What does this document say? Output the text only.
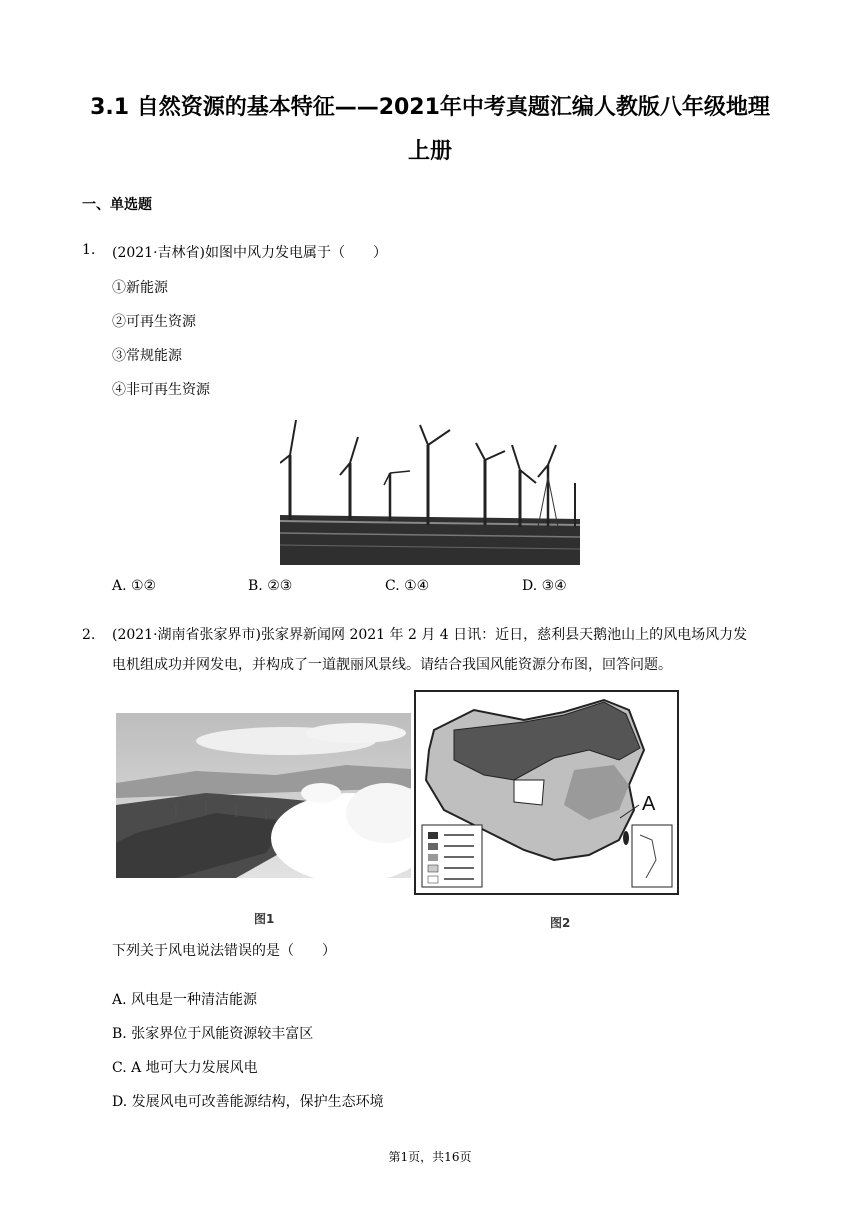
3.1 自然资源的基本特征——2021年中考真题汇编人教版八年级地理
上册
一、单选题
1. (2021·吉林省)如图中风力发电属于（　　）
①新能源
②可再生资源
③常规能源
④非可再生资源
A. ①②	B. ②③	C. ①④	D. ③④
2. (2021·湖南省张家界市)张家界新闻网 2021 年 2 月 4 日讯：近日，慈利县天鹅池山上的风电场风力发
电机组成功并网发电，并构成了一道靓丽风景线。请结合我国风能资源分布图，回答问题。
A
图1	图2
下列关于风电说法错误的是（　　）
A. 风电是一种清洁能源
B. 张家界位于风能资源较丰富区
C. A 地可大力发展风电
D. 发展风电可改善能源结构，保护生态环境
第1页，共16页
